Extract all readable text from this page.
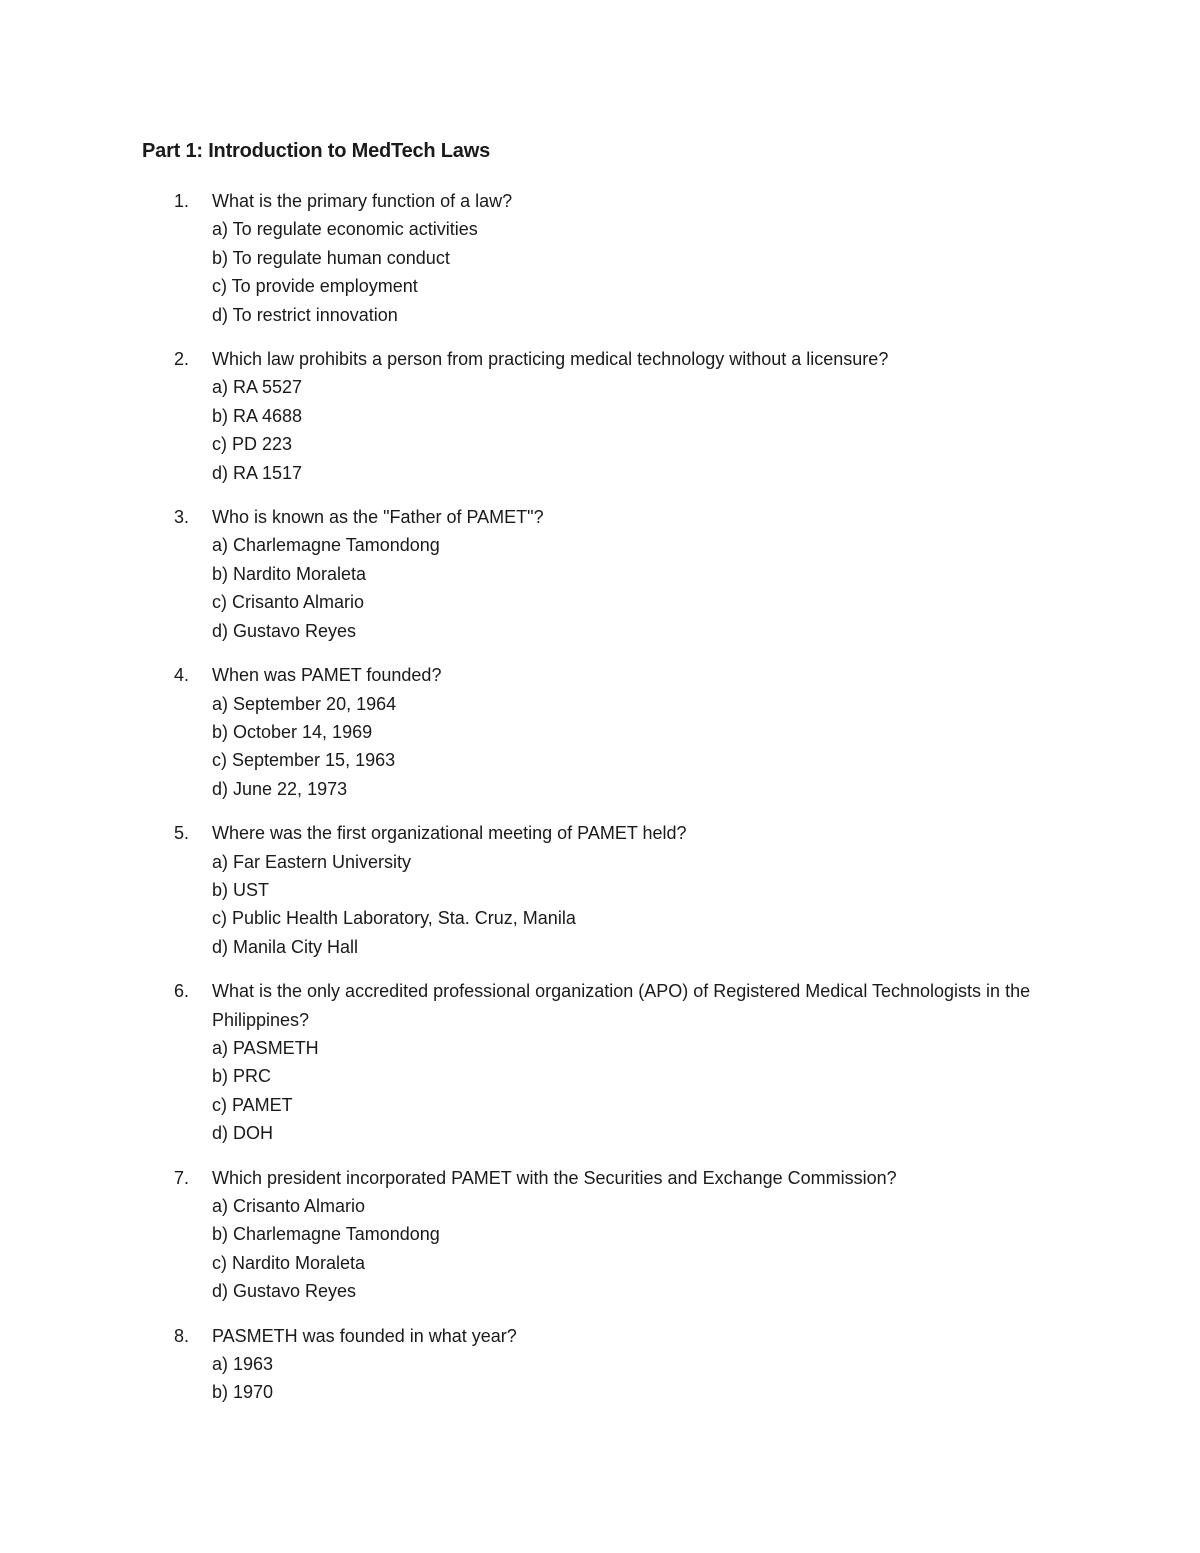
Part 1: Introduction to MedTech Laws
1. What is the primary function of a law?

a) To regulate economic activities
b) To regulate human conduct
c) To provide employment
d) To restrict innovation
2. Which law prohibits a person from practicing medical technology without a licensure?

a) RA 5527
b) RA 4688
c) PD 223
d) RA 1517
3. Who is known as the "Father of PAMET"?

a) Charlemagne Tamondong
b) Nardito Moraleta
c) Crisanto Almario
d) Gustavo Reyes
4. When was PAMET founded?

a) September 20, 1964
b) October 14, 1969
c) September 15, 1963
d) June 22, 1973
5. Where was the first organizational meeting of PAMET held?

a) Far Eastern University
b) UST
c) Public Health Laboratory, Sta. Cruz, Manila
d) Manila City Hall
6. What is the only accredited professional organization (APO) of Registered Medical Technologists in the Philippines?

a) PASMETH
b) PRC
c) PAMET
d) DOH
7. Which president incorporated PAMET with the Securities and Exchange Commission?

a) Crisanto Almario
b) Charlemagne Tamondong
c) Nardito Moraleta
d) Gustavo Reyes
8. PASMETH was founded in what year?

a) 1963
b) 1970
